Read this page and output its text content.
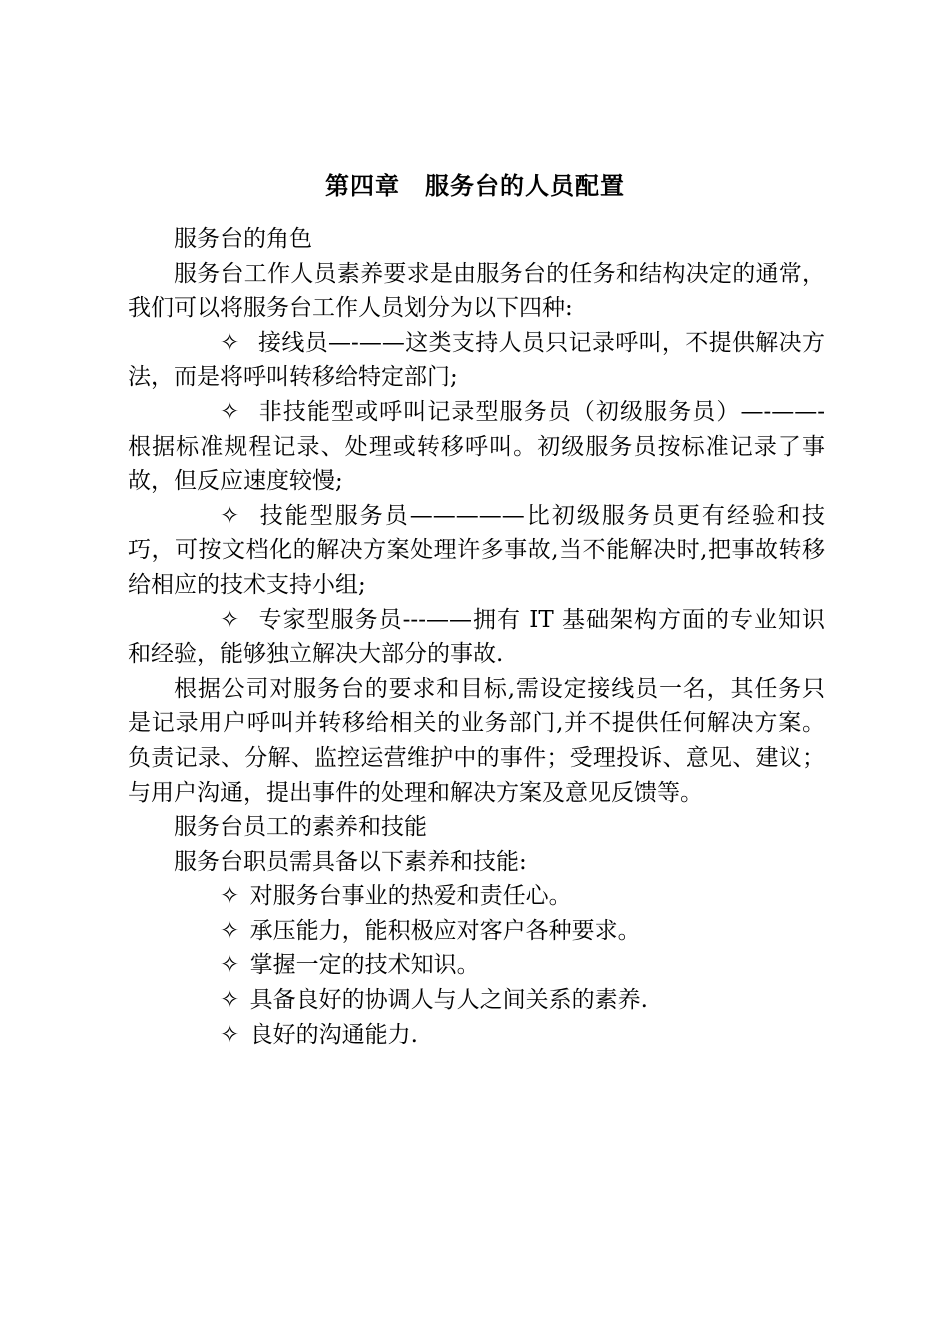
第四章　服务台的人员配置

服务台的角色

服务台工作人员素养要求是由服务台的任务和结构决定的通常，我们可以将服务台工作人员划分为以下四种:

✧ 接线员—-——这类支持人员只记录呼叫，不提供解决方法，而是将呼叫转移给特定部门;

✧ 非技能型或呼叫记录型服务员（初级服务员）—-——-根据标准规程记录、处理或转移呼叫。初级服务员按标准记录了事故，但反应速度较慢;

✧ 技能型服务员—————比初级服务员更有经验和技巧，可按文档化的解决方案处理许多事故,当不能解决时,把事故转移给相应的技术支持小组;

✧ 专家型服务员---——拥有 IT 基础架构方面的专业知识和经验，能够独立解决大部分的事故.

根据公司对服务台的要求和目标,需设定接线员一名，其任务只是记录用户呼叫并转移给相关的业务部门,并不提供任何解决方案。负责记录、分解、监控运营维护中的事件；受理投诉、意见、建议；与用户沟通，提出事件的处理和解决方案及意见反馈等。

服务台员工的素养和技能

服务台职员需具备以下素养和技能:

✧ 对服务台事业的热爱和责任心。

✧ 承压能力，能积极应对客户各种要求。

✧ 掌握一定的技术知识。

✧ 具备良好的协调人与人之间关系的素养.

✧ 良好的沟通能力.
